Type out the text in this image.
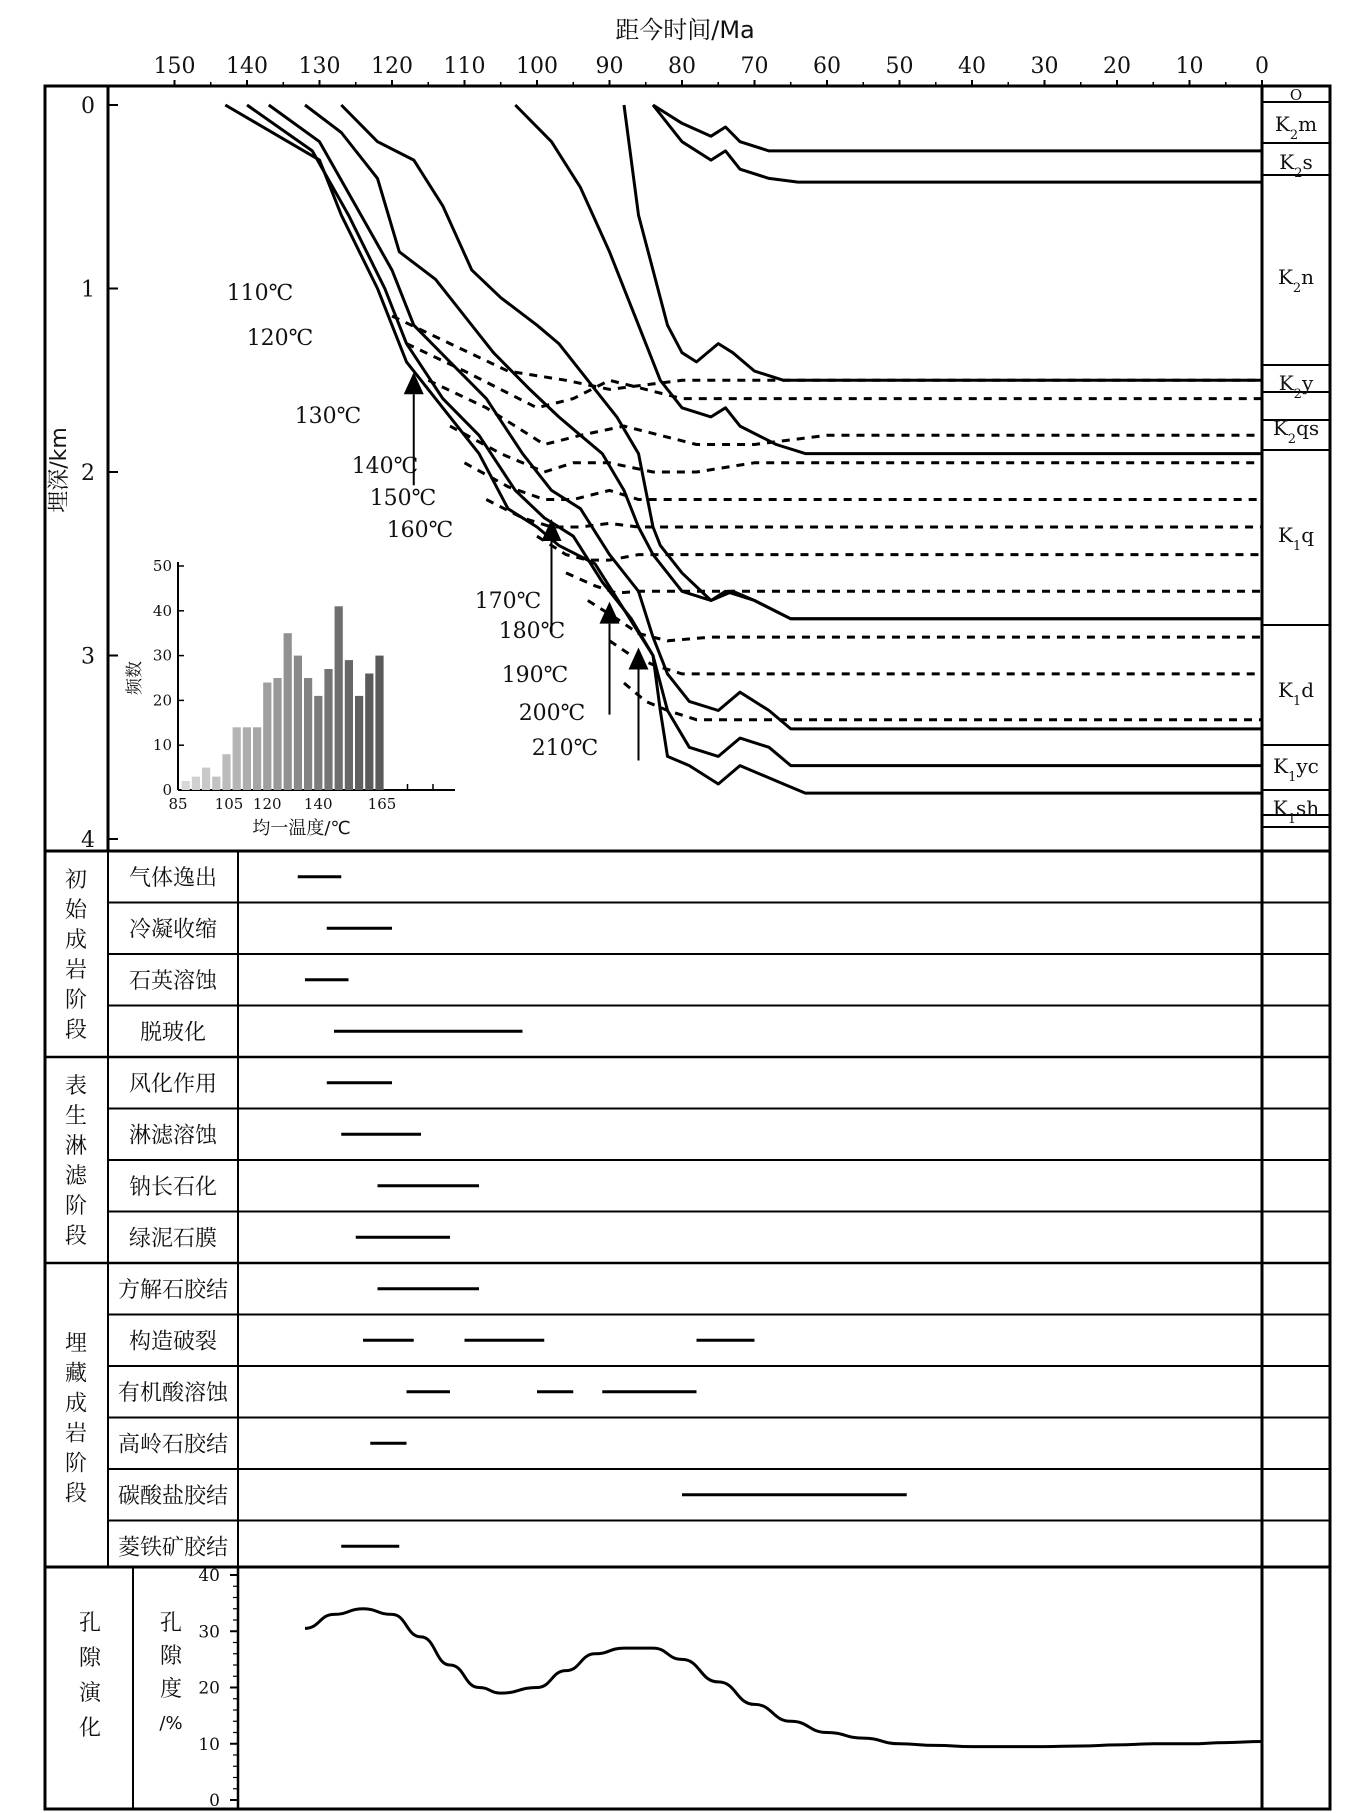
距今时间/Ma
150 140 130 120 110 100 90 80 70 60 50 40 30 20 10 0
0
1
2
3
4
埋深/km
O
$K_2m$
$K_2s$
$K_2n$
$K_2y$
$K_2qs$
$K_1q$
$K_1d$
$K_1yc$
$K_1sh$
110℃
120℃
130℃
140℃
150℃
160℃
170℃
180℃
190℃
200℃
210℃
0
10
20
30
40
50
85 105 120 140 165
频数
均一温度/℃
初
始
成
岩
阶
段
气体逸出
冷凝收缩
石英溶蚀
脱玻化
表
生
淋
滤
阶
段
风化作用
淋滤溶蚀
钠长石化
绿泥石膜
埋
藏
成
岩
阶
段
方解石胶结
构造破裂
有机酸溶蚀
高岭石胶结
碳酸盐胶结
菱铁矿胶结
孔
隙
演
化
孔
隙
度
/%
0
10
20
30
40
